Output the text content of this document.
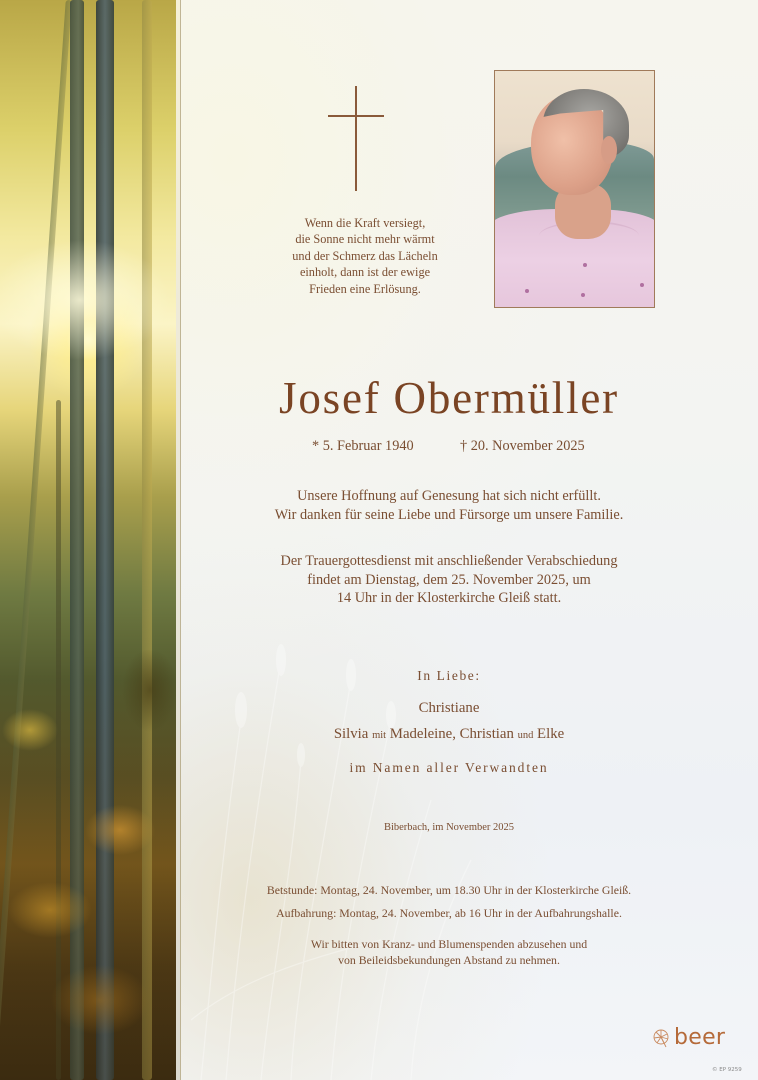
Wenn die Kraft versiegt,
die Sonne nicht mehr wärmt
und der Schmerz das Lächeln
einholt, dann ist der ewige
Frieden eine Erlösung.
Josef Obermüller
* 5. Februar 1940	† 20. November 2025
Unsere Hoffnung auf Genesung hat sich nicht erfüllt.
Wir danken für seine Liebe und Fürsorge um unsere Familie.
Der Trauergottesdienst mit anschließender Verabschiedung
findet am Dienstag, dem 25. November 2025, um
14 Uhr in der Klosterkirche Gleiß statt.
In Liebe:
Christiane
Silvia mit Madeleine, Christian und Elke
im Namen aller Verwandten
Biberbach, im November 2025
Betstunde: Montag, 24. November, um 18.30 Uhr in der Klosterkirche Gleiß.
Aufbahrung: Montag, 24. November, ab 16 Uhr in der Aufbahrungshalle.
Wir bitten von Kranz- und Blumenspenden abzusehen und
von Beileidsbekundungen Abstand zu nehmen.
beer
© EP 9259
